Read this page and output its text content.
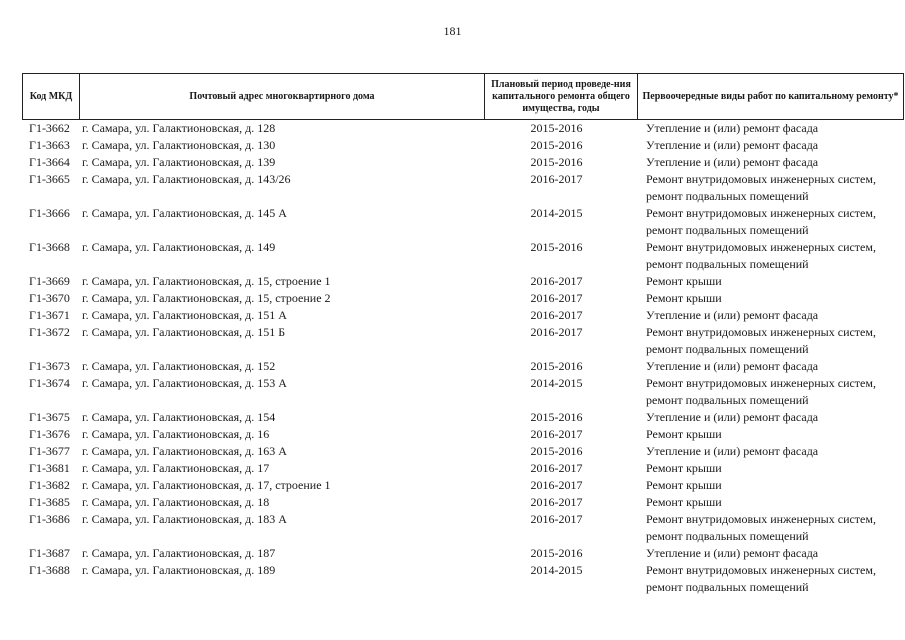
181
Код МКД	Почтовый адрес многоквартирного дома	Плановый период проведе-ния капитального ремонта общего имущества, годы	Первоочередные виды работ по капитальному ремонту*
Г1-3662	г. Самара, ул. Галактионовская, д. 128	2015-2016	Утепление и (или) ремонт фасада
Г1-3663	г. Самара, ул. Галактионовская, д. 130	2015-2016	Утепление и (или) ремонт фасада
Г1-3664	г. Самара, ул. Галактионовская, д. 139	2015-2016	Утепление и (или) ремонт фасада
Г1-3665	г. Самара, ул. Галактионовская, д. 143/26	2016-2017	Ремонт внутридомовых инженерных систем,
ремонт подвальных помещений
Г1-3666	г. Самара, ул. Галактионовская, д. 145 А	2014-2015	Ремонт внутридомовых инженерных систем,
ремонт подвальных помещений
Г1-3668	г. Самара, ул. Галактионовская, д. 149	2015-2016	Ремонт внутридомовых инженерных систем,
ремонт подвальных помещений
Г1-3669	г. Самара, ул. Галактионовская, д. 15, строение 1	2016-2017	Ремонт крыши
Г1-3670	г. Самара, ул. Галактионовская, д. 15, строение 2	2016-2017	Ремонт крыши
Г1-3671	г. Самара, ул. Галактионовская, д. 151 А	2016-2017	Утепление и (или) ремонт фасада
Г1-3672	г. Самара, ул. Галактионовская, д. 151 Б	2016-2017	Ремонт внутридомовых инженерных систем,
ремонт подвальных помещений
Г1-3673	г. Самара, ул. Галактионовская, д. 152	2015-2016	Утепление и (или) ремонт фасада
Г1-3674	г. Самара, ул. Галактионовская, д. 153 А	2014-2015	Ремонт внутридомовых инженерных систем,
ремонт подвальных помещений
Г1-3675	г. Самара, ул. Галактионовская, д. 154	2015-2016	Утепление и (или) ремонт фасада
Г1-3676	г. Самара, ул. Галактионовская, д. 16	2016-2017	Ремонт крыши
Г1-3677	г. Самара, ул. Галактионовская, д. 163 А	2015-2016	Утепление и (или) ремонт фасада
Г1-3681	г. Самара, ул. Галактионовская, д. 17	2016-2017	Ремонт крыши
Г1-3682	г. Самара, ул. Галактионовская, д. 17, строение 1	2016-2017	Ремонт крыши
Г1-3685	г. Самара, ул. Галактионовская, д. 18	2016-2017	Ремонт крыши
Г1-3686	г. Самара, ул. Галактионовская, д. 183 А	2016-2017	Ремонт внутридомовых инженерных систем,
ремонт подвальных помещений
Г1-3687	г. Самара, ул. Галактионовская, д. 187	2015-2016	Утепление и (или) ремонт фасада
Г1-3688	г. Самара, ул. Галактионовская, д. 189	2014-2015	Ремонт внутридомовых инженерных систем,
ремонт подвальных помещений
